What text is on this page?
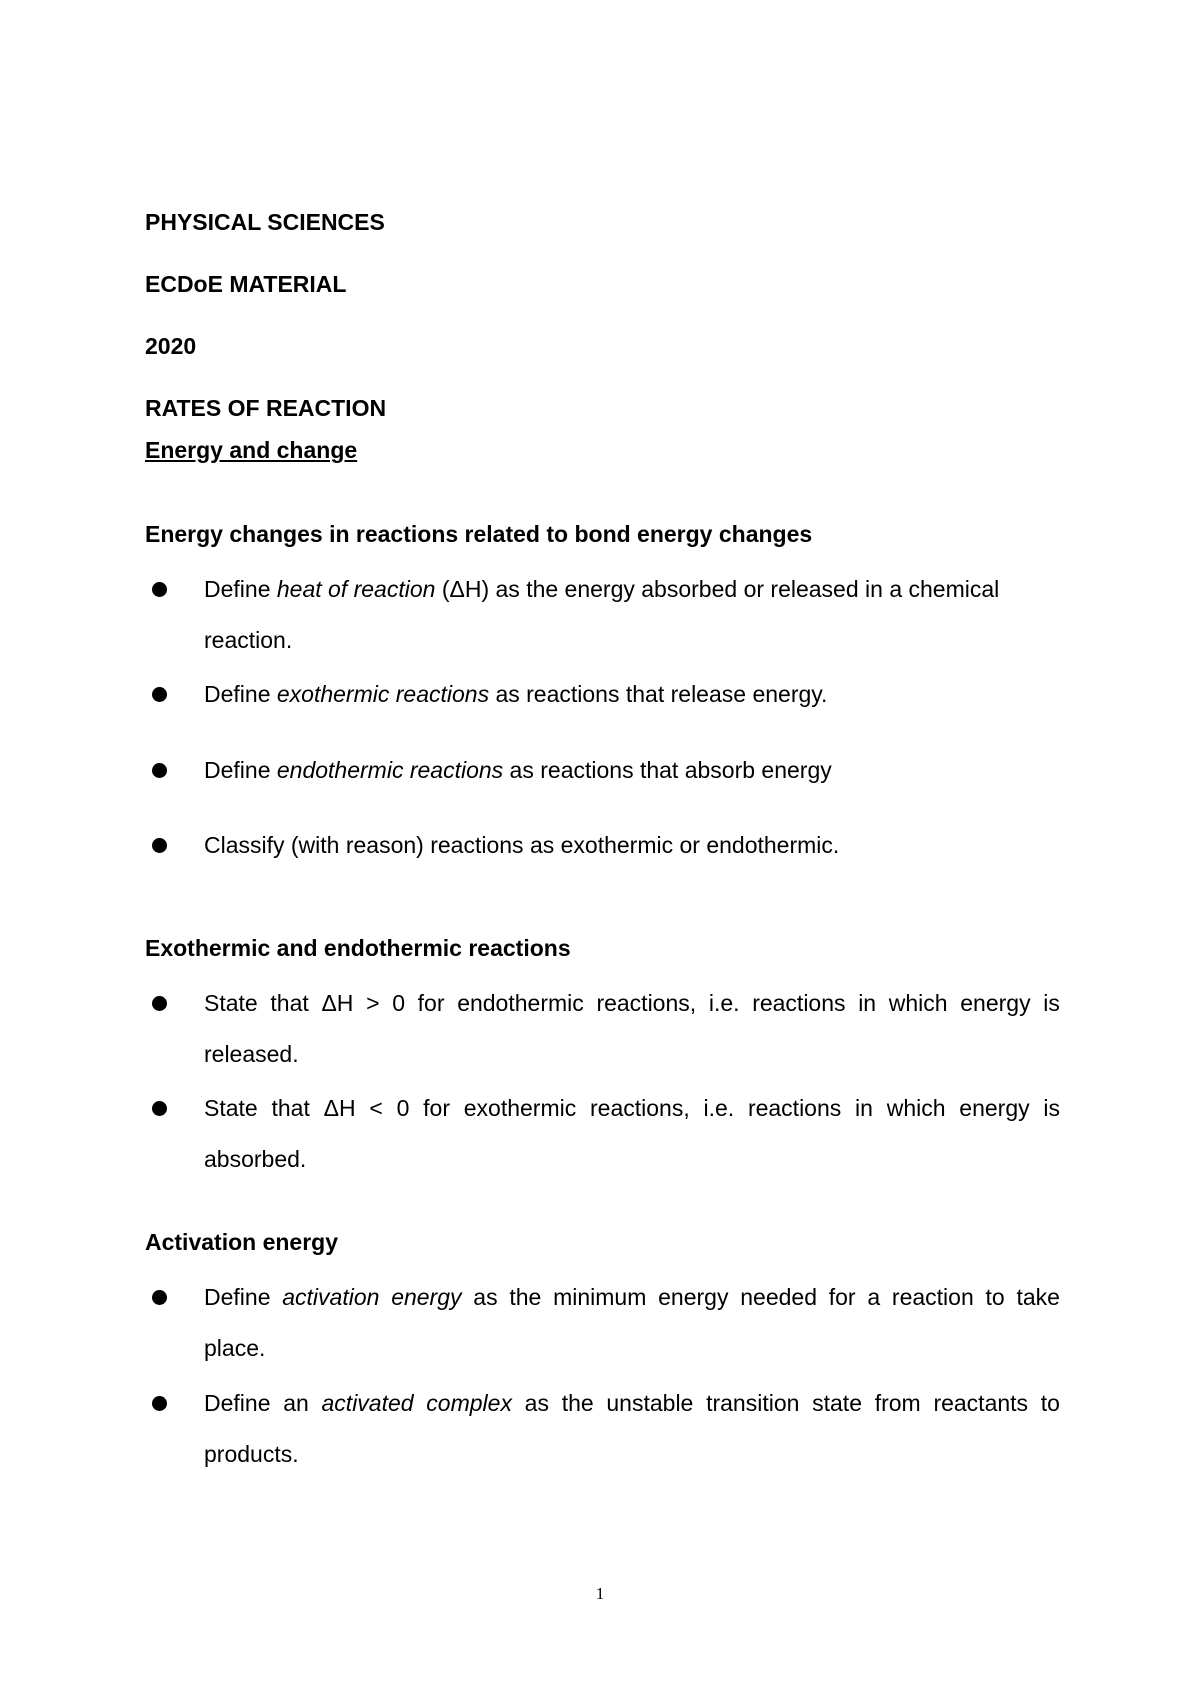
PHYSICAL SCIENCES
ECDoE MATERIAL
2020
RATES OF REACTION
Energy and change
Energy changes in reactions related to bond energy changes
Define heat of reaction (ΔH) as the energy absorbed or released in a chemical
reaction.
Define exothermic reactions as reactions that release energy.
Define endothermic reactions as reactions that absorb energy
Classify (with reason) reactions as exothermic or endothermic.
Exothermic and endothermic reactions
State that ΔH > 0 for endothermic reactions, i.e. reactions in which energy is
released.
State that ΔH < 0 for exothermic reactions, i.e. reactions in which energy is
absorbed.
Activation energy
Define activation energy as the minimum energy needed for a reaction to take
place.
Define an activated complex as the unstable transition state from reactants to
products.
1
